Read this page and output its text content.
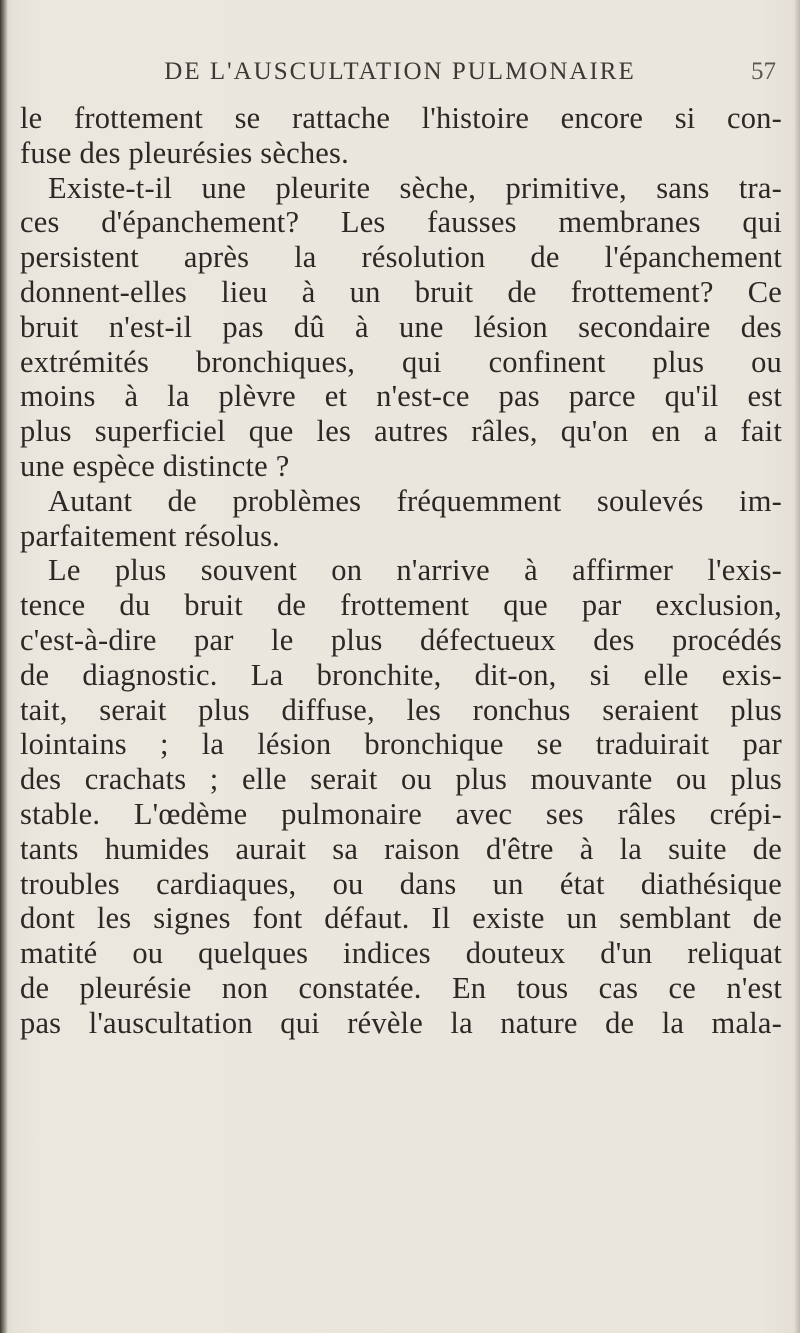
DE L'AUSCULTATION PULMONAIRE	57
le frottement se rattache l'histoire encore si con-
fuse des pleurésies sèches.
Existe-t-il une pleurite sèche, primitive, sans tra-
ces d'épanchement? Les fausses membranes qui
persistent après la résolution de l'épanchement
donnent-elles lieu à un bruit de frottement? Ce
bruit n'est-il pas dû à une lésion secondaire des
extrémités bronchiques, qui confinent plus ou
moins à la plèvre et n'est-ce pas parce qu'il est
plus superficiel que les autres râles, qu'on en a fait
une espèce distincte ?
Autant de problèmes fréquemment soulevés im-
parfaitement résolus.
Le plus souvent on n'arrive à affirmer l'exis-
tence du bruit de frottement que par exclusion,
c'est-à-dire par le plus défectueux des procédés
de diagnostic. La bronchite, dit-on, si elle exis-
tait, serait plus diffuse, les ronchus seraient plus
lointains ; la lésion bronchique se traduirait par
des crachats ; elle serait ou plus mouvante ou plus
stable. L'œdème pulmonaire avec ses râles crépi-
tants humides aurait sa raison d'être à la suite de
troubles cardiaques, ou dans un état diathésique
dont les signes font défaut. Il existe un semblant de
matité ou quelques indices douteux d'un reliquat
de pleurésie non constatée. En tous cas ce n'est
pas l'auscultation qui révèle la nature de la mala-
